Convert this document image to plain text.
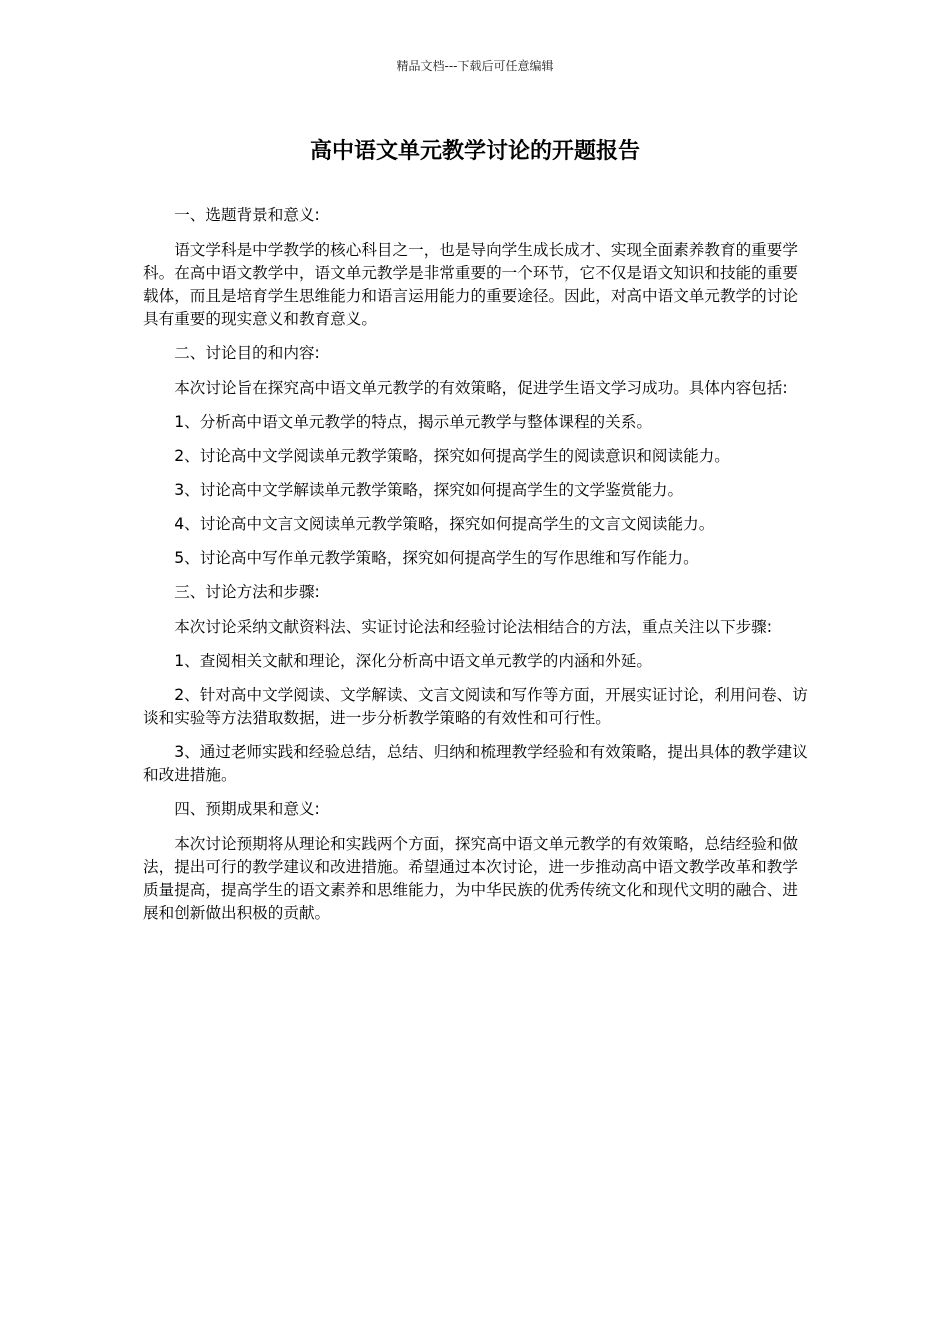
精品文档---下载后可任意编辑
高中语文单元教学讨论的开题报告

一、选题背景和意义:

语文学科是中学教学的核心科目之一，也是导向学生成长成才、实现全面素养教育的重要学科。在高中语文教学中，语文单元教学是非常重要的一个环节，它不仅是语文知识和技能的重要载体，而且是培育学生思维能力和语言运用能力的重要途径。因此，对高中语文单元教学的讨论具有重要的现实意义和教育意义。

二、讨论目的和内容:

本次讨论旨在探究高中语文单元教学的有效策略，促进学生语文学习成功。具体内容包括:

1、分析高中语文单元教学的特点，揭示单元教学与整体课程的关系。

2、讨论高中文学阅读单元教学策略，探究如何提高学生的阅读意识和阅读能力。

3、讨论高中文学解读单元教学策略，探究如何提高学生的文学鉴赏能力。

4、讨论高中文言文阅读单元教学策略，探究如何提高学生的文言文阅读能力。

5、讨论高中写作单元教学策略，探究如何提高学生的写作思维和写作能力。

三、讨论方法和步骤:

本次讨论采纳文献资料法、实证讨论法和经验讨论法相结合的方法，重点关注以下步骤:

1、查阅相关文献和理论，深化分析高中语文单元教学的内涵和外延。

2、针对高中文学阅读、文学解读、文言文阅读和写作等方面，开展实证讨论，利用问卷、访谈和实验等方法猎取数据，进一步分析教学策略的有效性和可行性。

3、通过老师实践和经验总结，总结、归纳和梳理教学经验和有效策略，提出具体的教学建议和改进措施。

四、预期成果和意义:

本次讨论预期将从理论和实践两个方面，探究高中语文单元教学的有效策略，总结经验和做法，提出可行的教学建议和改进措施。希望通过本次讨论，进一步推动高中语文教学改革和教学质量提高，提高学生的语文素养和思维能力，为中华民族的优秀传统文化和现代文明的融合、进展和创新做出积极的贡献。
